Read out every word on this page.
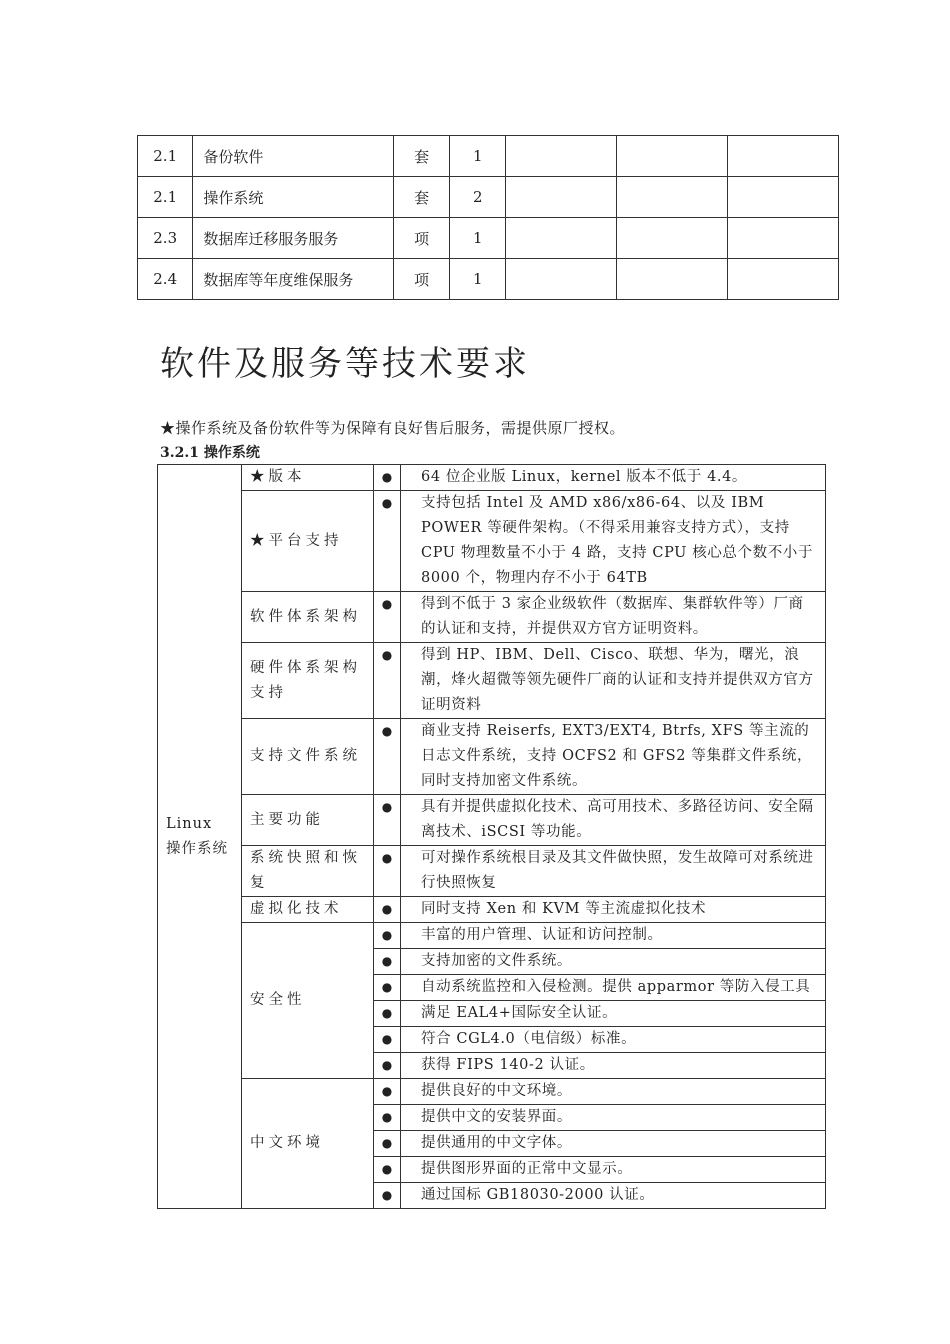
2.1	备份软件	套	1			
2.1	操作系统	套	2			
2.3	数据库迁移服务服务	项	1			
2.4	数据库等年度维保服务	项	1			
软件及服务等技术要求

★操作系统及备份软件等为保障有良好售后服务，需提供原厂授权。

3.2.1 操作系统

Linux 操作系统	★版本	●	64 位企业版 Linux，kernel 版本不低于 4.4。
	★平台支持	●	支持包括 Intel 及 AMD x86/x86-64、以及 IBM POWER 等硬件架构。（不得采用兼容支持方式），支持 CPU 物理数量不小于 4 路，支持 CPU 核心总个数不小于 8000 个，物理内存不小于 64TB
	软件体系架构	●	得到不低于 3 家企业级软件（数据库、集群软件等）厂商的认证和支持，并提供双方官方证明资料。
	硬件体系架构支持	●	得到 HP、IBM、Dell、Cisco、联想、华为，曙光，浪潮，烽火超微等领先硬件厂商的认证和支持并提供双方官方证明资料
	支持文件系统	●	商业支持 Reiserfs, EXT3/EXT4, Btrfs, XFS 等主流的日志文件系统，支持 OCFS2 和 GFS2 等集群文件系统，同时支持加密文件系统。
	主要功能	●	具有并提供虚拟化技术、高可用技术、多路径访问、安全隔离技术、iSCSI 等功能。
	系统快照和恢复	●	可对操作系统根目录及其文件做快照，发生故障可对系统进行快照恢复
	虚拟化技术	●	同时支持 Xen 和 KVM 等主流虚拟化技术
	安全性	●	丰富的用户管理、认证和访问控制。
		●	支持加密的文件系统。
		●	自动系统监控和入侵检测。提供 apparmor 等防入侵工具
		●	满足 EAL4+国际安全认证。
		●	符合 CGL4.0（电信级）标准。
		●	获得 FIPS 140-2 认证。
	中文环境	●	提供良好的中文环境。
		●	提供中文的安装界面。
		●	提供通用的中文字体。
		●	提供图形界面的正常中文显示。
		●	通过国标 GB18030-2000 认证。
